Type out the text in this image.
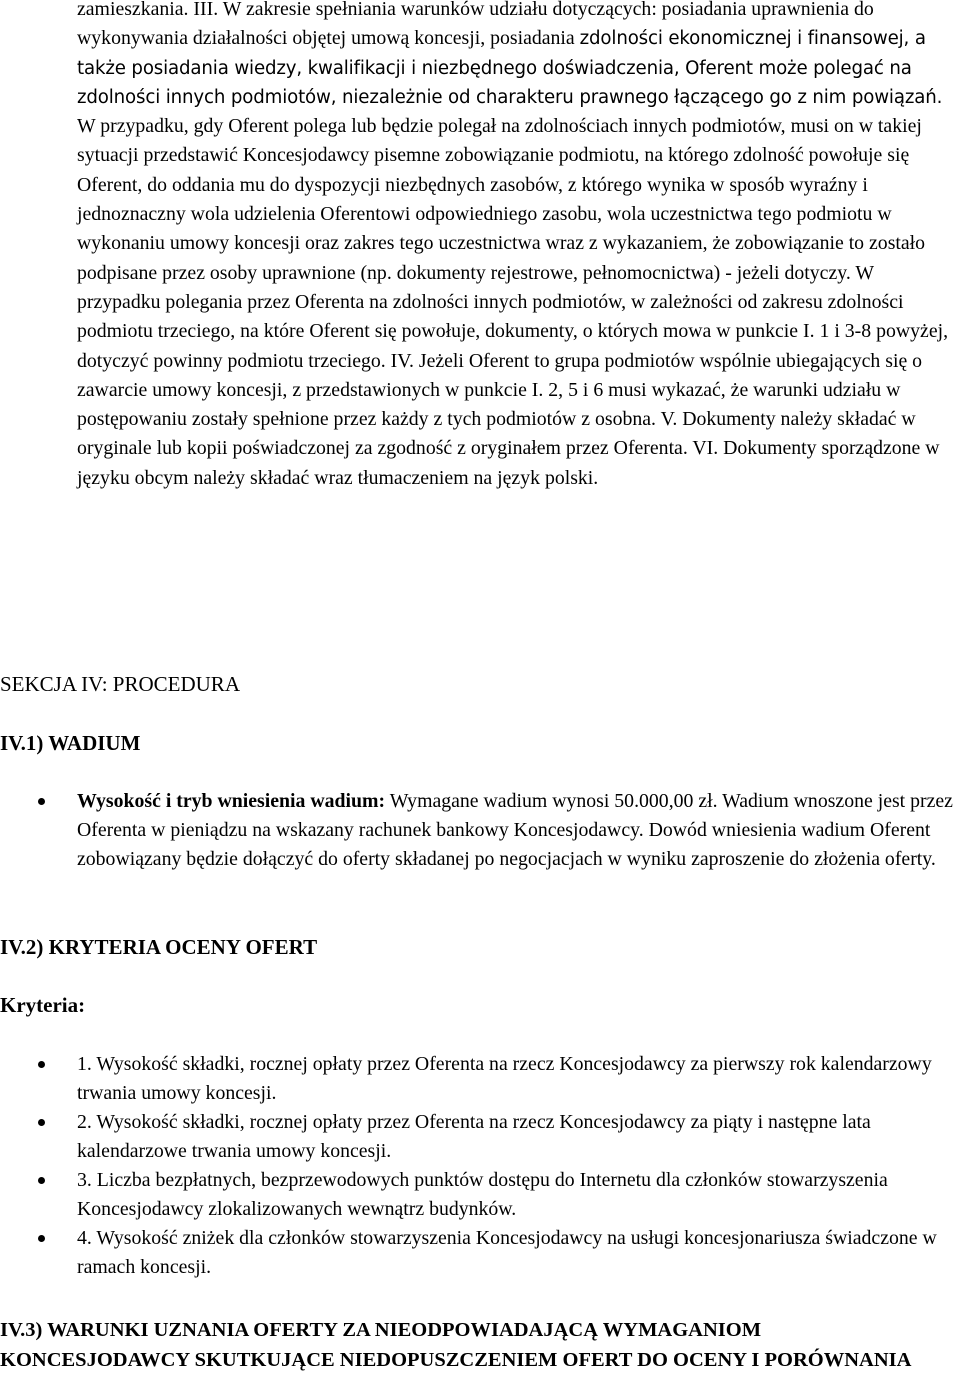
zamieszkania. III. W zakresie spełniania warunków udziału dotyczących: posiadania uprawnienia do wykonywania działalności objętej umową koncesji, posiadania zdolności ekonomicznej i finansowej, a także posiadania wiedzy, kwalifikacji i niezbędnego doświadczenia, Oferent może polegać na zdolności innych podmiotów, niezależnie od charakteru prawnego łączącego go z nim powiązań. W przypadku, gdy Oferent polega lub będzie polegał na zdolnościach innych podmiotów, musi on w takiej sytuacji przedstawić Koncesjodawcy pisemne zobowiązanie podmiotu, na którego zdolność powołuje się Oferent, do oddania mu do dyspozycji niezbędnych zasobów, z którego wynika w sposób wyraźny i jednoznaczny wola udzielenia Oferentowi odpowiedniego zasobu, wola uczestnictwa tego podmiotu w wykonaniu umowy koncesji oraz zakres tego uczestnictwa wraz z wykazaniem, że zobowiązanie to zostało podpisane przez osoby uprawnione (np. dokumenty rejestrowe, pełnomocnictwa) - jeżeli dotyczy. W przypadku polegania przez Oferenta na zdolności innych podmiotów, w zależności od zakresu zdolności podmiotu trzeciego, na które Oferent się powołuje, dokumenty, o których mowa w punkcie I. 1 i 3-8 powyżej, dotyczyć powinny podmiotu trzeciego. IV. Jeżeli Oferent to grupa podmiotów wspólnie ubiegających się o zawarcie umowy koncesji, z przedstawionych w punkcie I. 2, 5 i 6 musi wykazać, że warunki udziału w postępowaniu zostały spełnione przez każdy z tych podmiotów z osobna. V. Dokumenty należy składać w oryginale lub kopii poświadczonej za zgodność z oryginałem przez Oferenta. VI. Dokumenty sporządzone w języku obcym należy składać wraz tłumaczeniem na język polski.

SEKCJA IV: PROCEDURA
IV.1) WADIUM
Wysokość i tryb wniesienia wadium: Wymagane wadium wynosi 50.000,00 zł. Wadium wnoszone jest przez Oferenta w pieniądzu na wskazany rachunek bankowy Koncesjodawcy. Dowód wniesienia wadium Oferent zobowiązany będzie dołączyć do oferty składanej po negocjacjach w wyniku zaproszenie do złożenia oferty.
IV.2) KRYTERIA OCENY OFERT
Kryteria:
1. Wysokość składki, rocznej opłaty przez Oferenta na rzecz Koncesjodawcy za pierwszy rok kalendarzowy trwania umowy koncesji.
2. Wysokość składki, rocznej opłaty przez Oferenta na rzecz Koncesjodawcy za piąty i następne lata kalendarzowe trwania umowy koncesji.
3. Liczba bezpłatnych, bezprzewodowych punktów dostępu do Internetu dla członków stowarzyszenia Koncesjodawcy zlokalizowanych wewnątrz budynków.
4. Wysokość zniżek dla członków stowarzyszenia Koncesjodawcy na usługi koncesjonariusza świadczone w ramach koncesji.
IV.3) WARUNKI UZNANIA OFERTY ZA NIEODPOWIADAJĄCĄ WYMAGANIOM KONCESJODAWCY SKUTKUJĄCE NIEDOPUSZCZENIEM OFERT DO OCENY I PORÓWNANIA
